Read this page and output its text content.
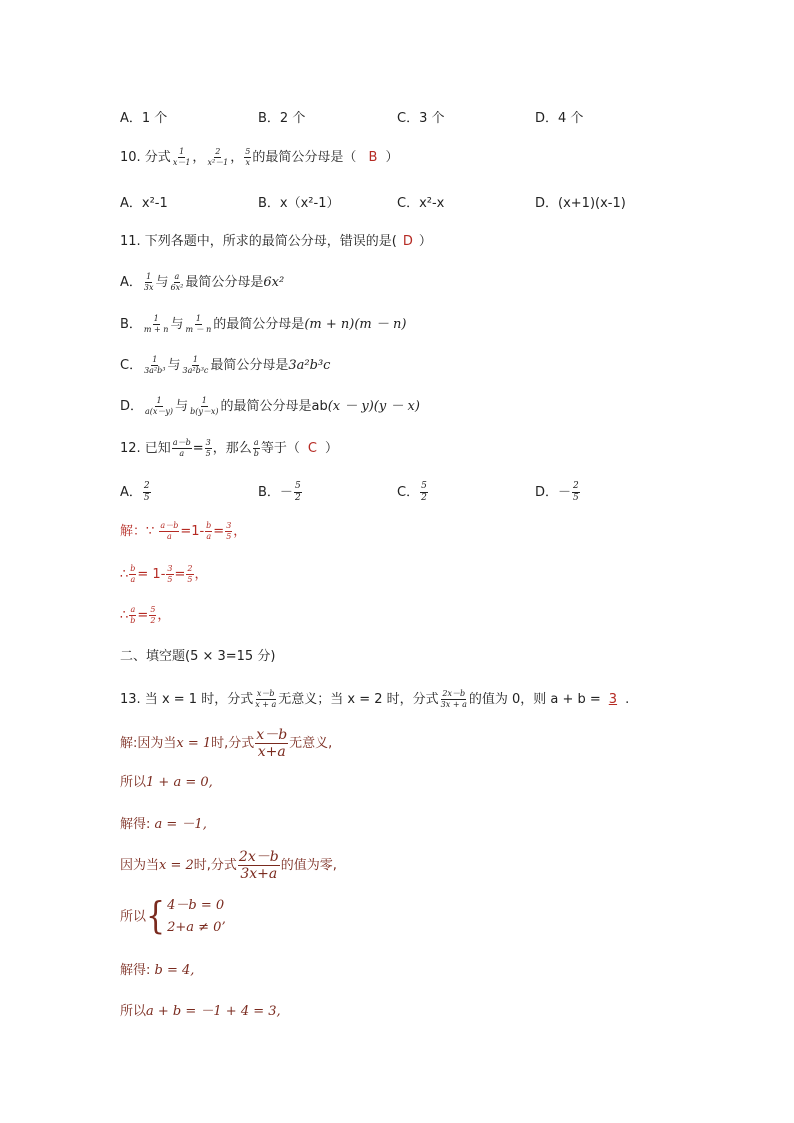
A．1 个	B．2 个	C．3 个	D．4 个
10. 分式 $\frac{1}{x-1}$ ， $\frac{2}{\text{x²－1}}$ ， $\frac{5}{x}$ 的最简公分母是（ B ）
A．x²-1	B．x（x²-1）	C．x²-x	D．(x+1)(x-1)
11. 下列各题中，所求的最简公分母，错误的是( D ）
A． $\frac{1}{3x}$ 与 $\frac{a}{\text{6x²}}$ 最简公分母是6x²
B． $\frac{1}{m + n}$ 与 $\frac{1}{m - n}$ 的最简公分母是(m + n)(m － n)
C． $\frac{1}{\text{3a²b³}}$ 与 $\frac{1}{\text{3a²b³c}}$ 最简公分母是3a²b³c
D． $\frac{1}{a(x-y)}$ 与 $\frac{1}{b(y-x)}$ 的最简公分母是ab(x － y)(y － x)
12. 已知 $\frac{a-b}{a} = \frac{3}{5}$ ，那么 $\frac{a}{b}$ 等于（ C ）
A． $\frac{2}{5}$	B．－ $\frac{5}{2}$	C． $\frac{5}{2}$	D．－ $\frac{2}{5}$
解：∵ $\frac{a-b}{a} =1- \frac{b}{a} = \frac{3}{5}$ ，
∴ $\frac{b}{a} = 1- \frac{3}{5} = \frac{2}{5}$ ，
∴ $\frac{a}{b} = \frac{5}{2}$ ，
二、填空题(5 × 3=15 分)
13. 当 x = 1 时，分式 $\frac{x-b}{x + a}$ 无意义；当 x = 2 时，分式 $\frac{2x-b}{3x + a}$ 的值为 0，则 a + b = 3 .
解:因为当x = 1时,分式 $\frac{x-b}{x+a}$ 无意义,
所以1 + a = 0,
解得: a = －1,
因为当x = 2时,分式 $\frac{2x-b}{3x+a}$ 的值为零,
所以{ 4－b = 0
2+a ≠ 0’
解得: b = 4,
所以a + b = －1 + 4 = 3,
